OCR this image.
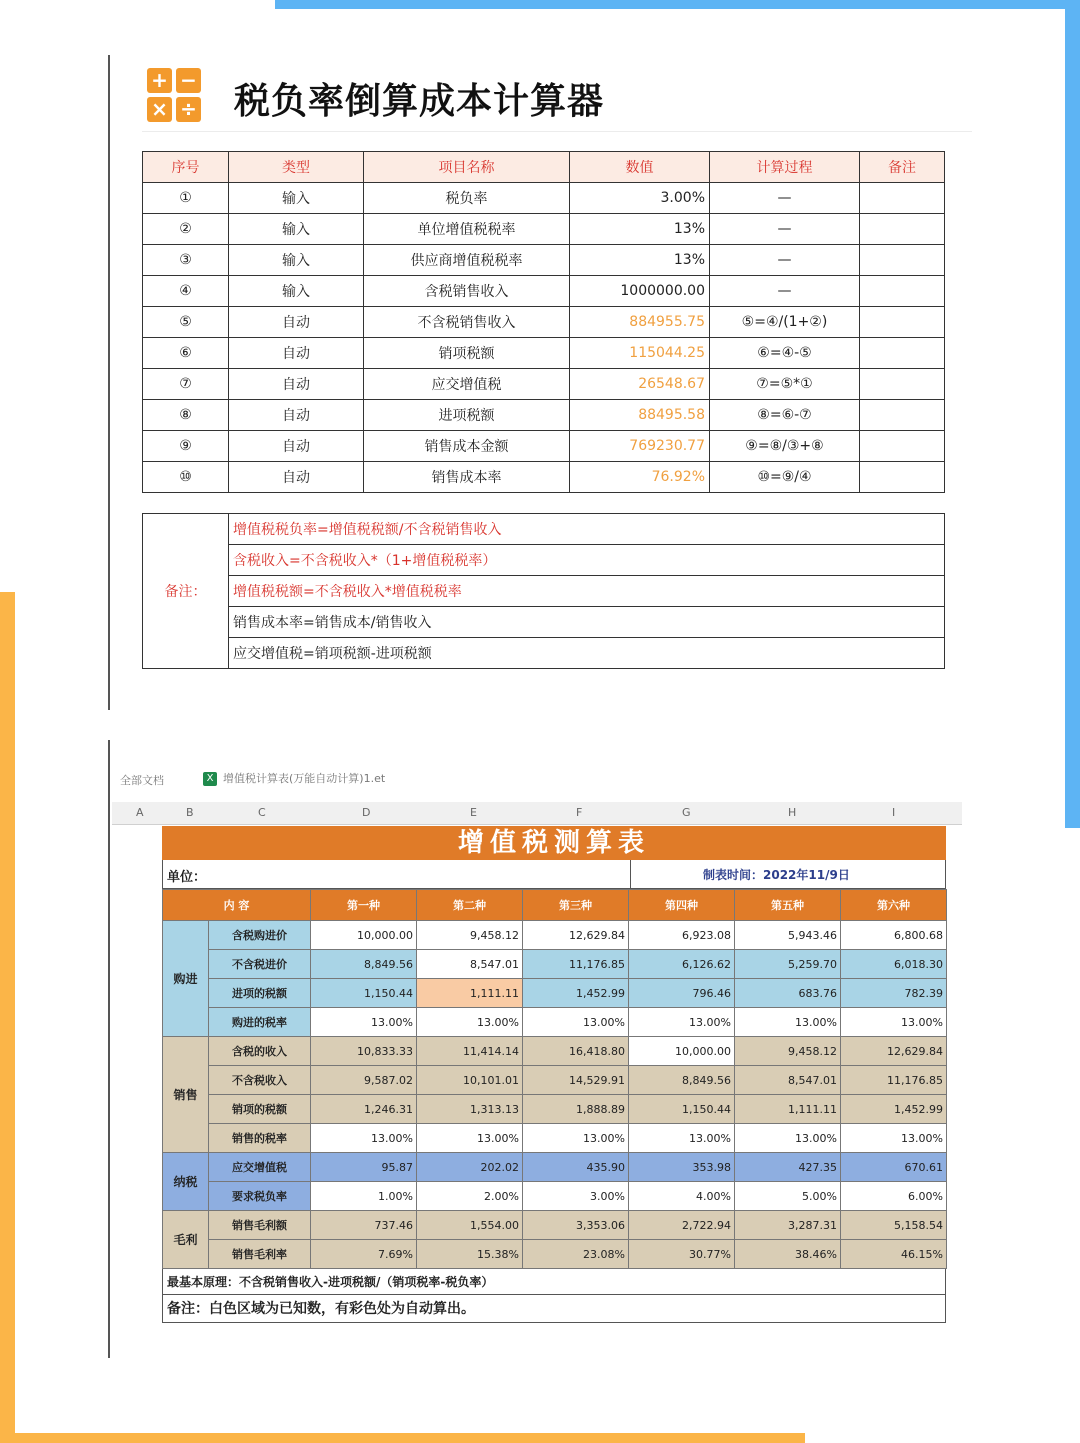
+ −
× ÷ 税负率倒算成本计算器
序号	类型	项目名称	数值	计算过程	备注
①	输入	税负率	3.00%	—	
②	输入	单位增值税税率	13%	—	
③	输入	供应商增值税税率	13%	—	
④	输入	含税销售收入	1000000.00	—	
⑤	自动	不含税销售收入	884955.75	⑤=④/(1+②)	
⑥	自动	销项税额	115044.25	⑥=④-⑤	
⑦	自动	应交增值税	26548.67	⑦=⑤*①	
⑧	自动	进项税额	88495.58	⑧=⑥-⑦	
⑨	自动	销售成本金额	769230.77	⑨=⑧/③+⑧	
⑩	自动	销售成本率	76.92%	⑩=⑨/④	
备注：	增值税税负率=增值税税额/不含税销售收入
含税收入=不含税收入*（1+增值税税率）
增值税税额=不含税收入*增值税税率
销售成本率=销售成本/销售收入
应交增值税=销项税额-进项税额
全部文档	X 增值税计算表(万能自动计算)1.et
A	B	C	D	E	F	G	H	I
增值税测算表
单位：	制表时间：2022年11/9日
内 容		第一种	第二种	第三种	第四种	第五种	第六种
购进	含税购进价	10,000.00	9,458.12	12,629.84	6,923.08	5,943.46	6,800.68
	不含税进价	8,849.56	8,547.01	11,176.85	6,126.62	5,259.70	6,018.30
	进项的税额	1,150.44	1,111.11	1,452.99	796.46	683.76	782.39
	购进的税率	13.00%	13.00%	13.00%	13.00%	13.00%	13.00%
销售	含税的收入	10,833.33	11,414.14	16,418.80	10,000.00	9,458.12	12,629.84
	不含税收入	9,587.02	10,101.01	14,529.91	8,849.56	8,547.01	11,176.85
	销项的税额	1,246.31	1,313.13	1,888.89	1,150.44	1,111.11	1,452.99
	销售的税率	13.00%	13.00%	13.00%	13.00%	13.00%	13.00%
纳税	应交增值税	95.87	202.02	435.90	353.98	427.35	670.61
	要求税负率	1.00%	2.00%	3.00%	4.00%	5.00%	6.00%
毛利	销售毛利额	737.46	1,554.00	3,353.06	2,722.94	3,287.31	5,158.54
	销售毛利率	7.69%	15.38%	23.08%	30.77%	38.46%	46.15%
最基本原理：不含税销售收入-进项税额/（销项税率-税负率）
备注：白色区域为已知数，有彩色处为自动算出。
